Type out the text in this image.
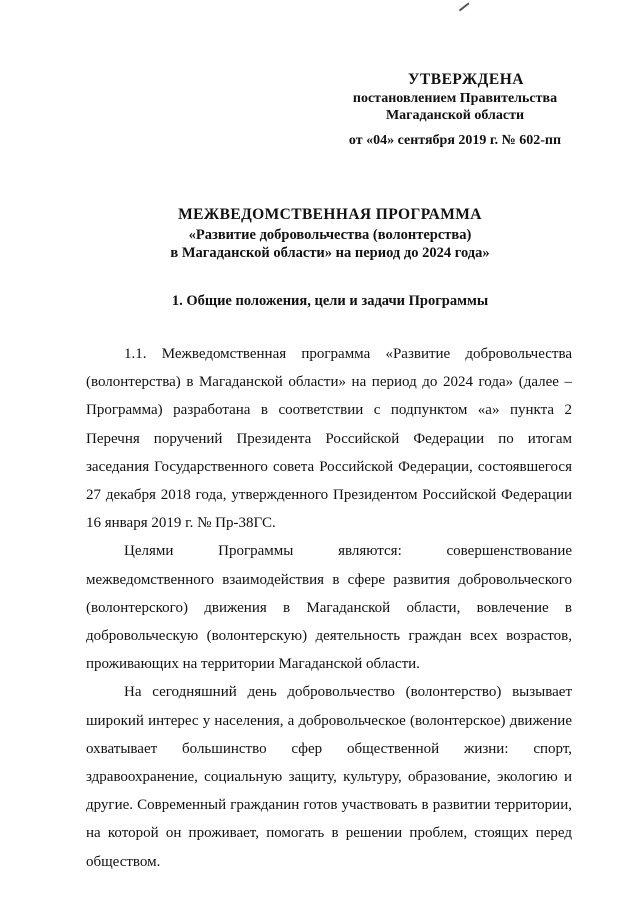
УТВЕРЖДЕНА
постановлением Правительства
Магаданской области
от «04» сентября 2019 г. № 602-пп
МЕЖВЕДОМСТВЕННАЯ ПРОГРАММА
«Развитие добровольчества (волонтерства)
в Магаданской области» на период до 2024 года»
1. Общие положения, цели и задачи Программы

1.1. Межведомственная программа «Развитие добровольчества (волонтерства) в Магаданской области» на период до 2024 года» (далее – Программа) разработана в соответствии с подпунктом «а» пункта 2 Перечня поручений Президента Российской Федерации по итогам заседания Государственного совета Российской Федерации, состоявшегося 27 декабря 2018 года, утвержденного Президентом Российской Федерации 16 января 2019 г. № Пр-38ГС.

Целями Программы являются: совершенствование межведомственного взаимодействия в сфере развития добровольческого (волонтерского) движения в Магаданской области, вовлечение в добровольческую (волонтерскую) деятельность граждан всех возрастов, проживающих на территории Магаданской области.

На сегодняшний день добровольчество (волонтерство) вызывает широкий интерес у населения, а добровольческое (волонтерское) движение охватывает большинство сфер общественной жизни: спорт, здравоохранение, социальную защиту, культуру, образование, экологию и другие. Современный гражданин готов участвовать в развитии территории, на которой он проживает, помогать в решении проблем, стоящих перед обществом.
